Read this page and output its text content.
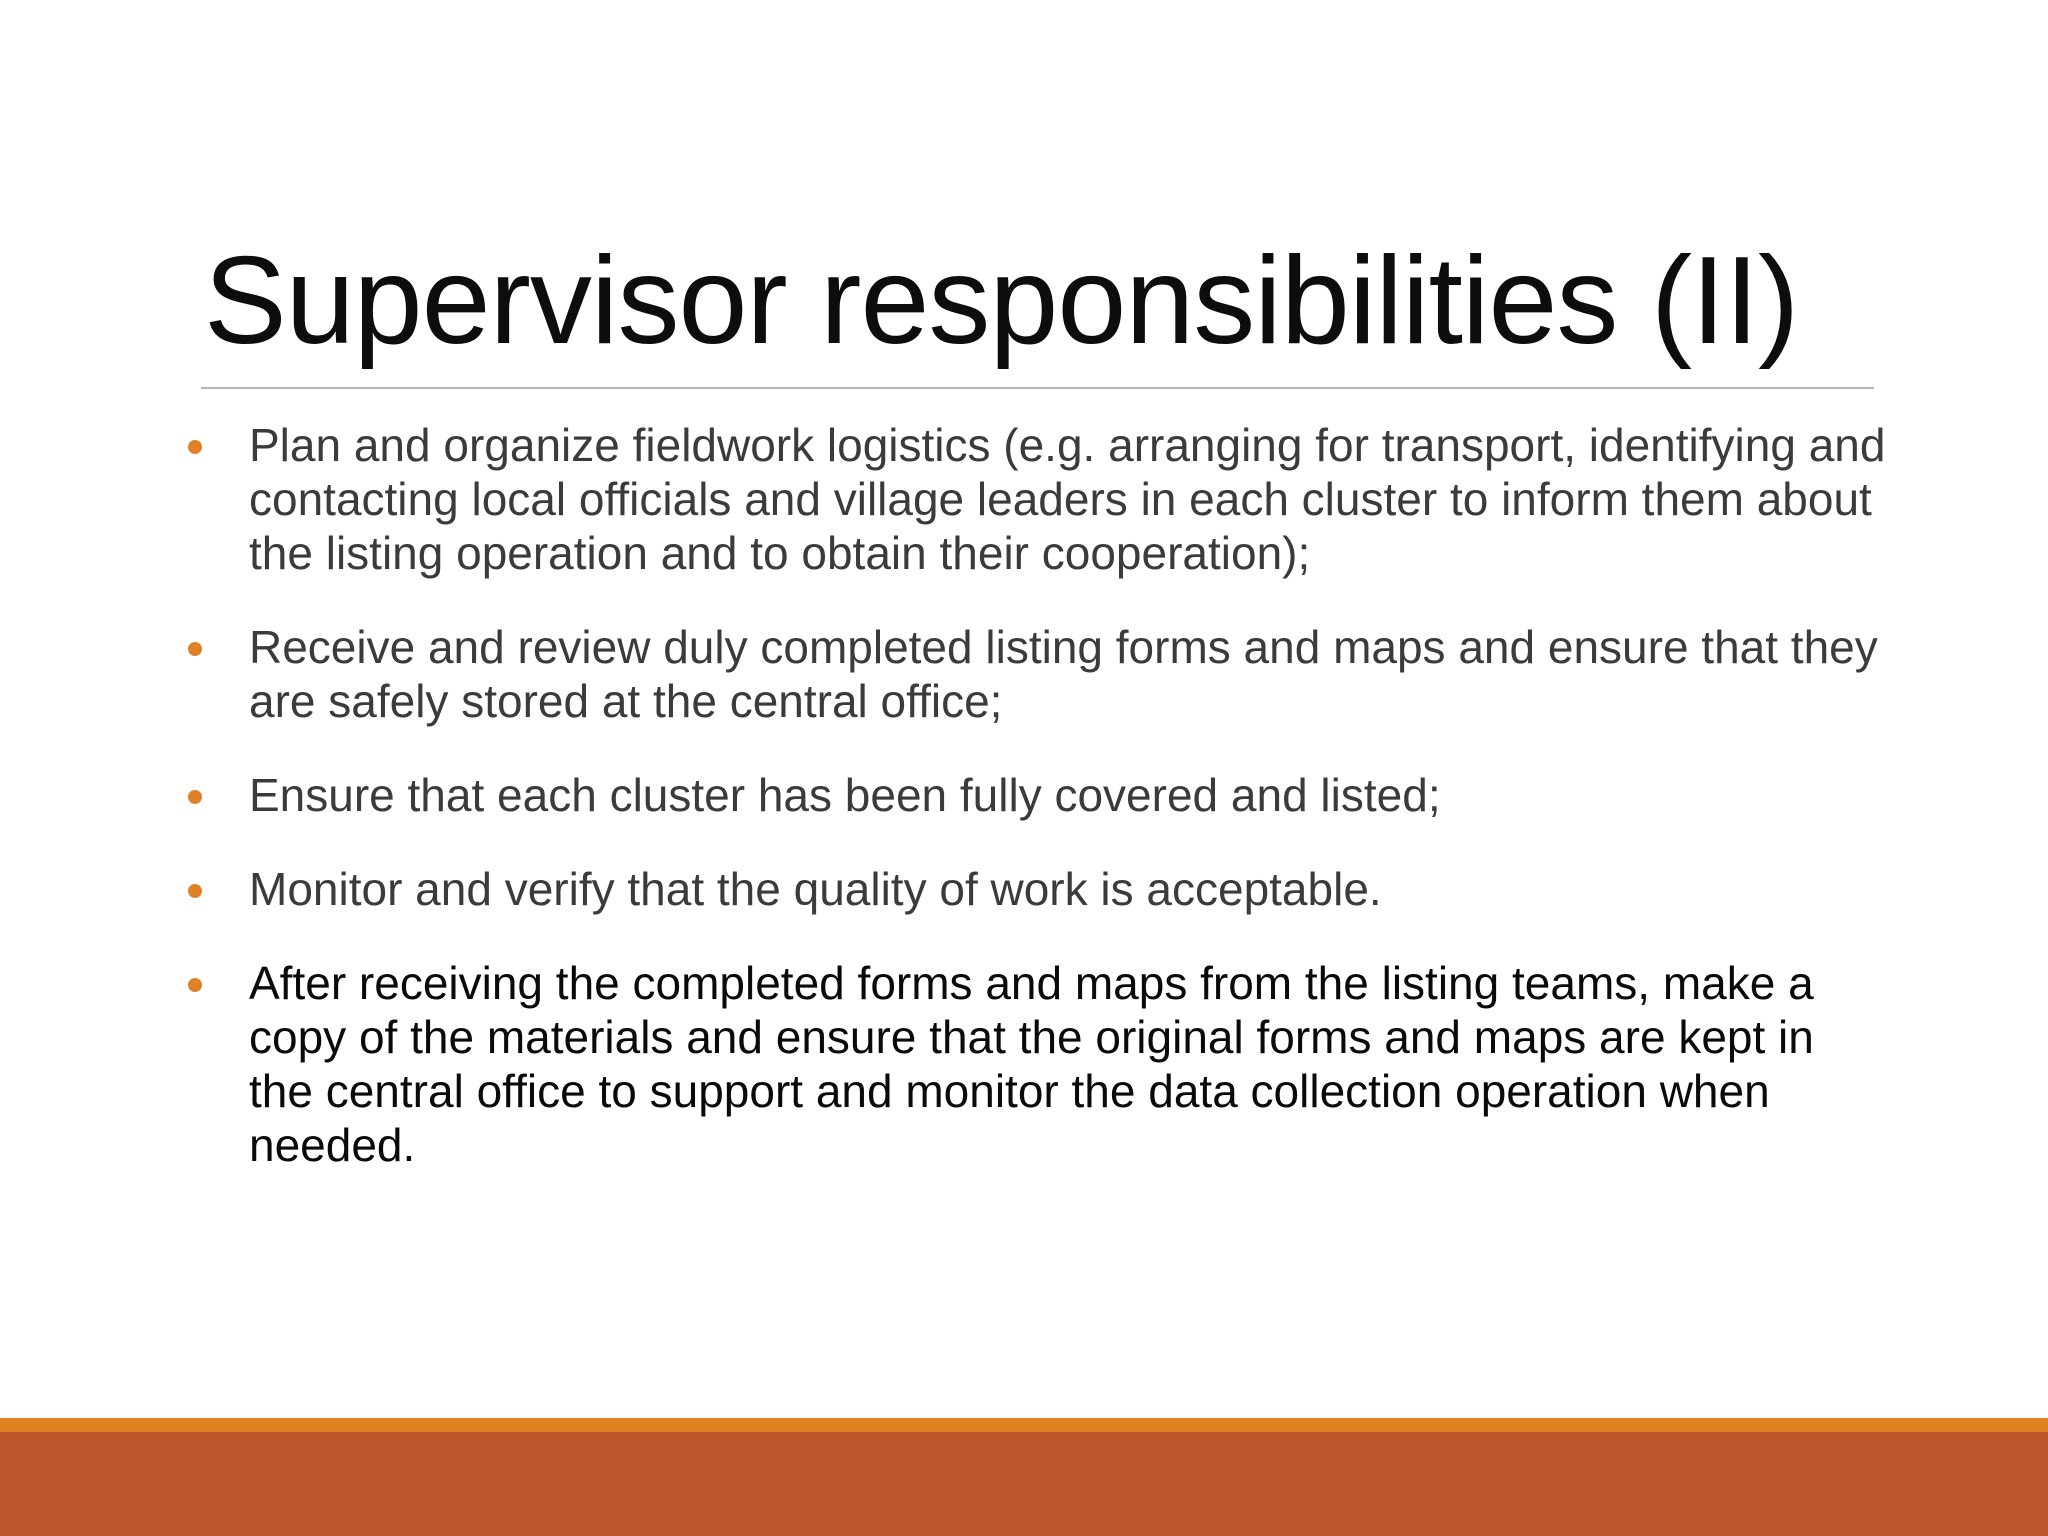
Supervisor responsibilities (II)
Plan and organize fieldwork logistics (e.g. arranging for transport, identifying and contacting local officials and village leaders in each cluster to inform them about the listing operation and to obtain their cooperation);
Receive and review duly completed listing forms and maps and ensure that they are safely stored at the central office;
Ensure that each cluster has been fully covered and listed;
Monitor and verify that the quality of work is acceptable.
After receiving the completed forms and maps from the listing teams, make a copy of the materials and ensure that the original forms and maps are kept in the central office to support and monitor the data collection operation when needed.
